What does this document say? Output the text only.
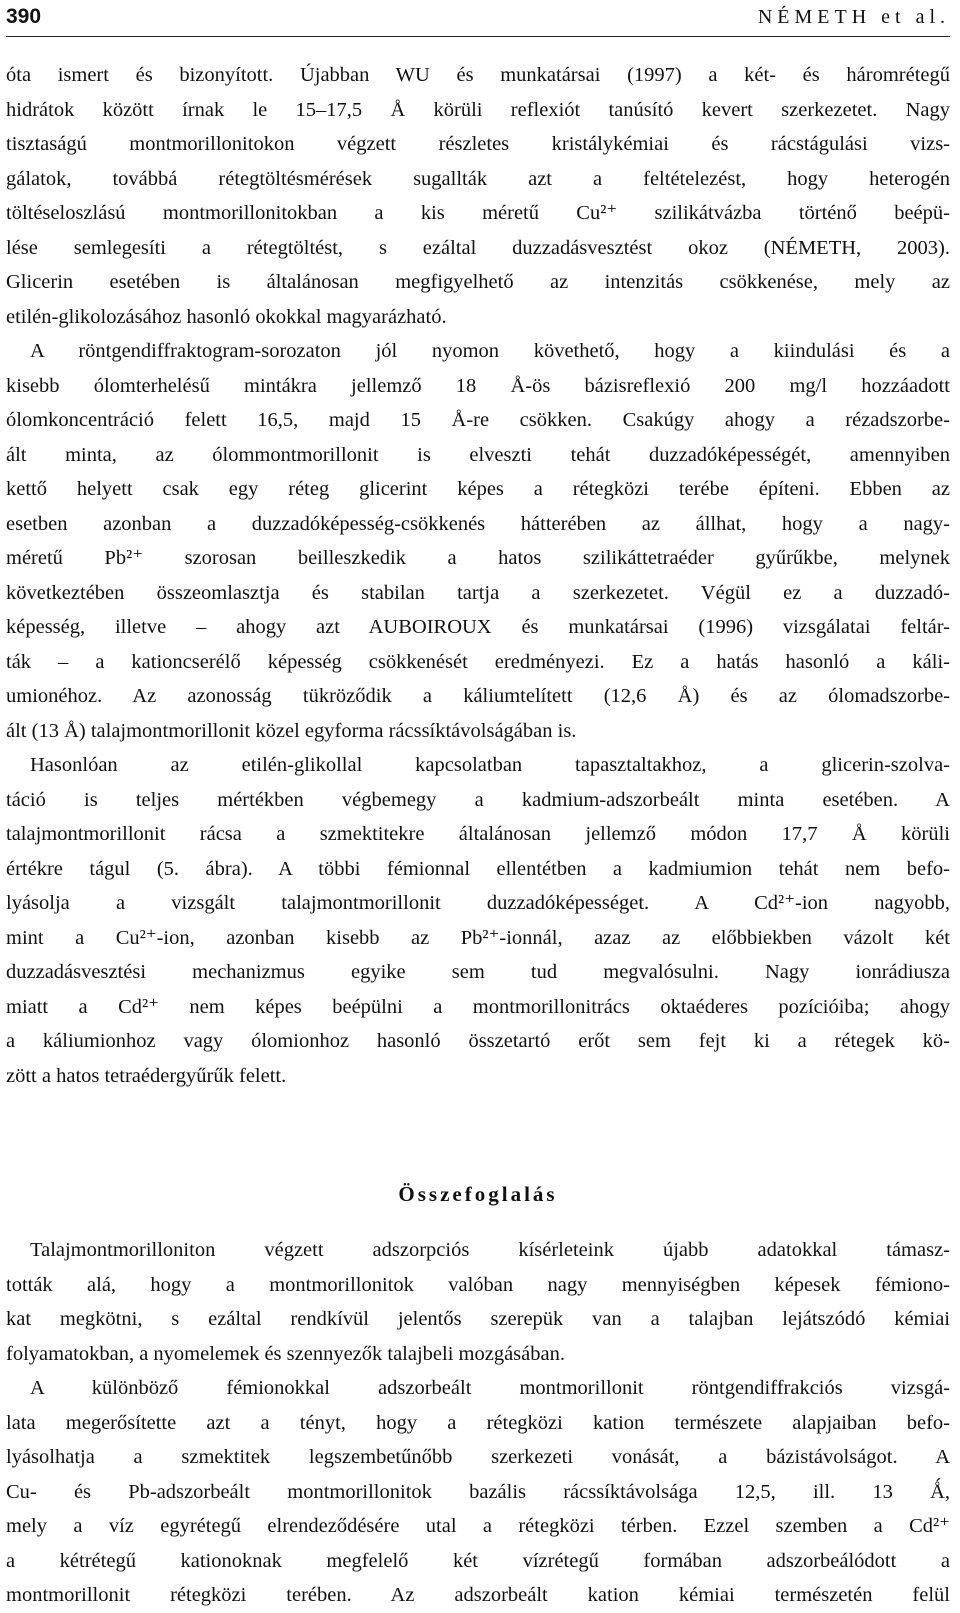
390	NÉMETH et al.
óta ismert és bizonyított. Újabban WU és munkatársai (1997) a két- és háromrétegű
hidrátok között írnak le 15–17,5 Å körüli reflexiót tanúsító kevert szerkezetet. Nagy
tisztaságú montmorillonitokon végzett részletes kristálykémiai és rácstágulási vizs-
gálatok, továbbá rétegtöltésmérések sugallták azt a feltételezést, hogy heterogén
töltéseloszlású montmorillonitokban a kis méretű Cu²⁺ szilikátvázba történő beépü-
lése semlegesíti a rétegtöltést, s ezáltal duzzadásvesztést okoz (NÉMETH, 2003).
Glicerin esetében is általánosan megfigyelhető az intenzitás csökkenése, mely az
etilén-glikolozásához hasonló okokkal magyarázható.
A röntgendiffraktogram-sorozaton jól nyomon követhető, hogy a kiindulási és a
kisebb ólomterhelésű mintákra jellemző 18 Å-ös bázisreflexió 200 mg/l hozzáadott
ólomkoncentráció felett 16,5, majd 15 Å-re csökken. Csakúgy ahogy a rézadszorbe-
ált minta, az ólommontmorillonit is elveszti tehát duzzadóképességét, amennyiben
kettő helyett csak egy réteg glicerint képes a rétegközi terébe építeni. Ebben az
esetben azonban a duzzadóképesség-csökkenés hátterében az állhat, hogy a nagy-
méretű Pb²⁺ szorosan beilleszkedik a hatos szilikáttetraéder gyűrűkbe, melynek
következtében összeomlasztja és stabilan tartja a szerkezetet. Végül ez a duzzadó-
képesség, illetve – ahogy azt AUBOIROUX és munkatársai (1996) vizsgálatai feltár-
ták – a kationcserélő képesség csökkenését eredményezi. Ez a hatás hasonló a káli-
umionéhoz. Az azonosság tükröződik a káliumtelített (12,6 Å) és az ólomadszorbe-
ált (13 Å) talajmontmorillonit közel egyforma rácssíktávolságában is.
Hasonlóan az etilén-glikollal kapcsolatban tapasztaltakhoz, a glicerin-szolva-
táció is teljes mértékben végbemegy a kadmium-adszorbeált minta esetében. A
talajmontmorillonit rácsa a szmektitekre általánosan jellemző módon 17,7 Å körüli
értékre tágul (5. ábra). A többi fémionnal ellentétben a kadmiumion tehát nem befo-
lyásolja a vizsgált talajmontmorillonit duzzadóképességet. A Cd²⁺-ion nagyobb,
mint a Cu²⁺-ion, azonban kisebb az Pb²⁺-ionnál, azaz az előbbiekben vázolt két
duzzadásvesztési mechanizmus egyike sem tud megvalósulni. Nagy ionrádiusza
miatt a Cd²⁺ nem képes beépülni a montmorillonitrács oktaéderes pozícióiba; ahogy
a káliumionhoz vagy ólomionhoz hasonló összetartó erőt sem fejt ki a rétegek kö-
zött a hatos tetraédergyűrűk felett.
Összefoglalás
Talajmontmorilloniton végzett adszorpciós kísérleteink újabb adatokkal támasz-
tották alá, hogy a montmorillonitok valóban nagy mennyiségben képesek fémiono-
kat megkötni, s ezáltal rendkívül jelentős szerepük van a talajban lejátszódó kémiai
folyamatokban, a nyomelemek és szennyezők talajbeli mozgásában.
A különböző fémionokkal adszorbeált montmorillonit röntgendiffrakciós vizsgá-
lata megerősítette azt a tényt, hogy a rétegközi kation természete alapjaiban befo-
lyásolhatja a szmektitek legszembetűnőbb szerkezeti vonását, a bázistávolságot. A
Cu- és Pb-adszorbeált montmorillonitok bazális rácssíktávolsága 12,5, ill. 13 Ǻ,
mely a víz egyrétegű elrendeződésére utal a rétegközi térben. Ezzel szemben a Cd²⁺
a kétrétegű kationoknak megfelelő két vízrétegű formában adszorbeálódott a
montmorillonit rétegközi terében. Az adszorbeált kation kémiai természetén felül
